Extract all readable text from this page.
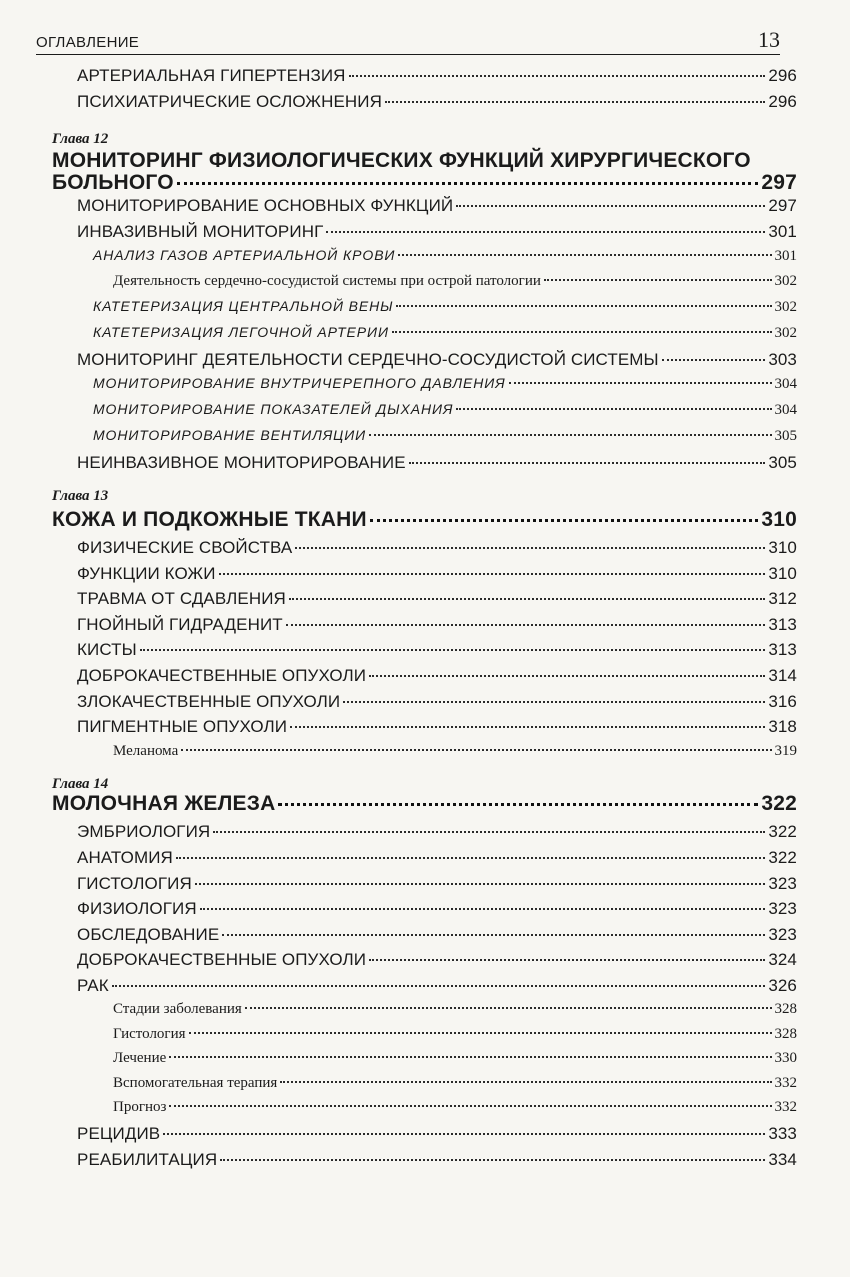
ОГЛАВЛЕНИЕ	13
АРТЕРИАЛЬНАЯ ГИПЕРТЕНЗИЯ	296
ПСИХИАТРИЧЕСКИЕ ОСЛОЖНЕНИЯ	296
Глава 12
МОНИТОРИНГ ФИЗИОЛОГИЧЕСКИХ ФУНКЦИЙ ХИРУРГИЧЕСКОГО
БОЛЬНОГО	297
МОНИТОРИРОВАНИЕ ОСНОВНЫХ ФУНКЦИЙ	297
ИНВАЗИВНЫЙ МОНИТОРИНГ	301
АНАЛИЗ ГАЗОВ АРТЕРИАЛЬНОЙ КРОВИ	301
Деятельность сердечно-сосудистой системы при острой патологии	302
КАТЕТЕРИЗАЦИЯ ЦЕНТРАЛЬНОЙ ВЕНЫ	302
КАТЕТЕРИЗАЦИЯ ЛЕГОЧНОЙ АРТЕРИИ	302
МОНИТОРИНГ ДЕЯТЕЛЬНОСТИ СЕРДЕЧНО-СОСУДИСТОЙ СИСТЕМЫ	303
МОНИТОРИРОВАНИЕ ВНУТРИЧЕРЕПНОГО ДАВЛЕНИЯ	304
МОНИТОРИРОВАНИЕ ПОКАЗАТЕЛЕЙ ДЫХАНИЯ	304
МОНИТОРИРОВАНИЕ ВЕНТИЛЯЦИИ	305
НЕИНВАЗИВНОЕ МОНИТОРИРОВАНИЕ	305
Глава 13
КОЖА И ПОДКОЖНЫЕ ТКАНИ	310
ФИЗИЧЕСКИЕ СВОЙСТВА	310
ФУНКЦИИ КОЖИ	310
ТРАВМА ОТ СДАВЛЕНИЯ	312
ГНОЙНЫЙ ГИДРАДЕНИТ	313
КИСТЫ	313
ДОБРОКАЧЕСТВЕННЫЕ ОПУХОЛИ	314
ЗЛОКАЧЕСТВЕННЫЕ ОПУХОЛИ	316
ПИГМЕНТНЫЕ ОПУХОЛИ	318
Меланома	319
Глава 14
МОЛОЧНАЯ ЖЕЛЕЗА	322
ЭМБРИОЛОГИЯ	322
АНАТОМИЯ	322
ГИСТОЛОГИЯ	323
ФИЗИОЛОГИЯ	323
ОБСЛЕДОВАНИЕ	323
ДОБРОКАЧЕСТВЕННЫЕ ОПУХОЛИ	324
РАК	326
Стадии заболевания	328
Гистология	328
Лечение	330
Вспомогательная терапия	332
Прогноз	332
РЕЦИДИВ	333
РЕАБИЛИТАЦИЯ	334
